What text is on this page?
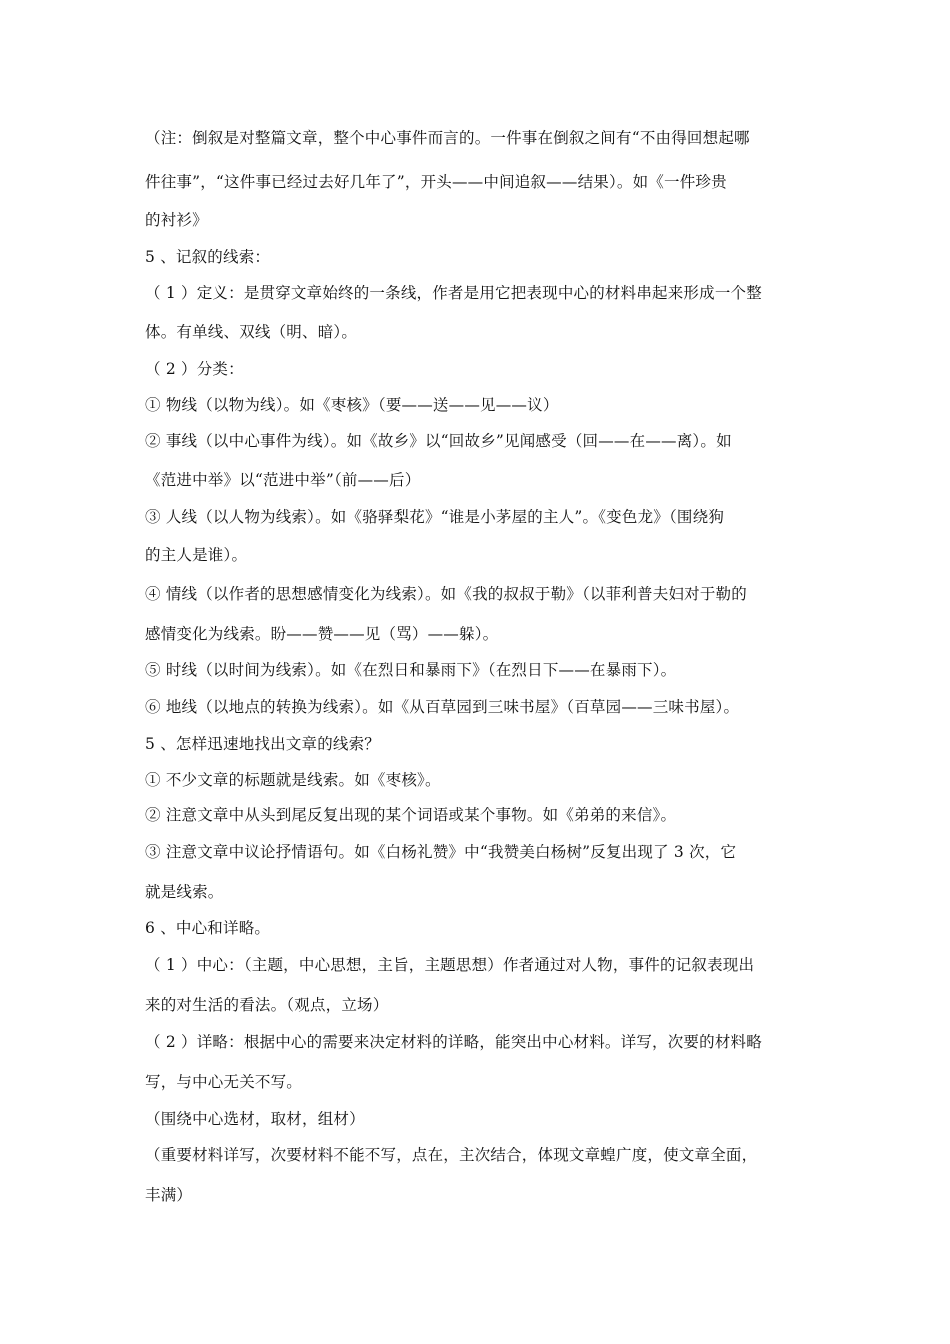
（注：倒叙是对整篇文章，整个中心事件而言的。一件事在倒叙之间有“不由得回想起哪
件往事”，“这件事已经过去好几年了”，开头——中间追叙——结果）。如《一件珍贵
的衬衫》
5 、记叙的线索：
（ 1 ）定义：是贯穿文章始终的一条线，作者是用它把表现中心的材料串起来形成一个整
体。有单线、双线（明、暗）。
（ 2 ）分类：
① 物线（以物为线）。如《枣核》（要——送——见——议）
② 事线（以中心事件为线）。如《故乡》以“回故乡”见闻感受（回——在——离）。如
《范进中举》以“范进中举”（前——后）
③ 人线（以人物为线索）。如《骆驿梨花》“谁是小茅屋的主人”。《变色龙》（围绕狗
的主人是谁）。
④ 情线（以作者的思想感情变化为线索）。如《我的叔叔于勒》（以菲利普夫妇对于勒的
感情变化为线索。盼——赞——见（骂）——躲）。
⑤ 时线（以时间为线索）。如《在烈日和暴雨下》（在烈日下——在暴雨下）。
⑥ 地线（以地点的转换为线索）。如《从百草园到三味书屋》（百草园——三味书屋）。
5 、怎样迅速地找出文章的线索？
① 不少文章的标题就是线索。如《枣核》。
② 注意文章中从头到尾反复出现的某个词语或某个事物。如《弟弟的来信》。
③ 注意文章中议论抒情语句。如《白杨礼赞》中“我赞美白杨树”反复出现了 3 次，它
就是线索。
6 、中心和详略。
（ 1 ）中心：（主题，中心思想，主旨，主题思想）作者通过对人物，事件的记叙表现出
来的对生活的看法。（观点，立场）
（ 2 ）详略：根据中心的需要来决定材料的详略，能突出中心材料。详写，次要的材料略
写，与中心无关不写。
（围绕中心选材，取材，组材）
（重要材料详写，次要材料不能不写，点在，主次结合，体现文章蝗广度，使文章全面，
丰满）
